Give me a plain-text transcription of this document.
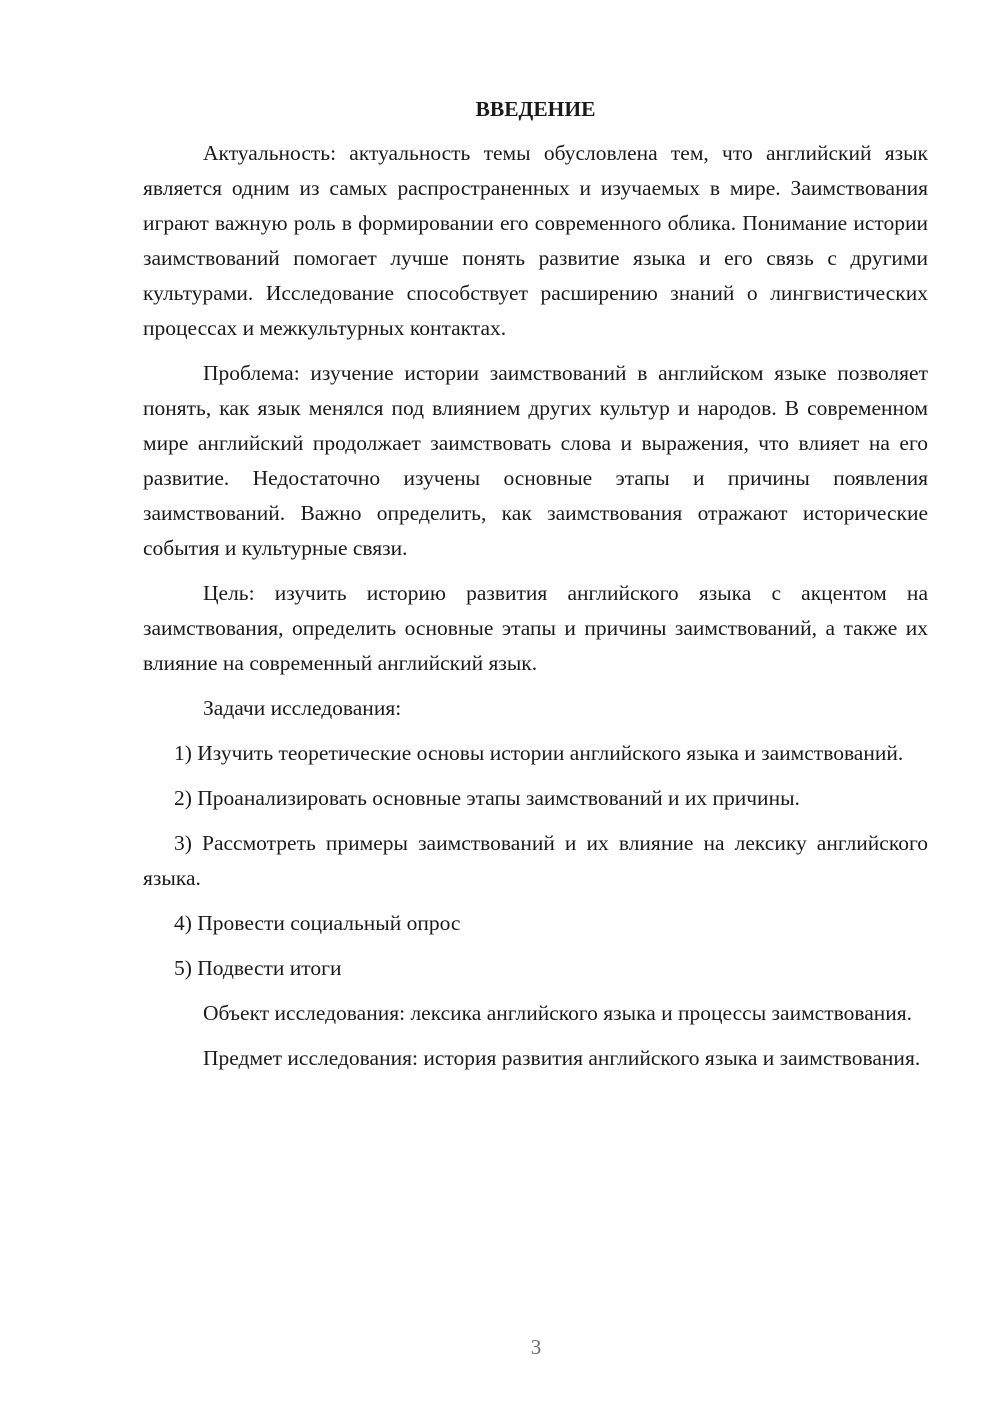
ВВЕДЕНИЕ

Актуальность: актуальность темы обусловлена тем, что английский язык является одним из самых распространенных и изучаемых в мире. Заимствования играют важную роль в формировании его современного облика. Понимание истории заимствований помогает лучше понять развитие языка и его связь с другими культурами. Исследование способствует расширению знаний о лингвистических процессах и межкультурных контактах.

Проблема: изучение истории заимствований в английском языке позволяет понять, как язык менялся под влиянием других культур и народов. В современном мире английский продолжает заимствовать слова и выражения, что влияет на его развитие. Недостаточно изучены основные этапы и причины появления заимствований. Важно определить, как заимствования отражают исторические события и культурные связи.

Цель: изучить историю развития английского языка с акцентом на заимствования, определить основные этапы и причины заимствований, а также их влияние на современный английский язык.

Задачи исследования:

1) Изучить теоретические основы истории английского языка и заимствований.

2) Проанализировать основные этапы заимствований и их причины.

3) Рассмотреть примеры заимствований и их влияние на лексику английского языка.

4) Провести социальный опрос

5) Подвести итоги

Объект исследования: лексика английского языка и процессы заимствования.

Предмет исследования: история развития английского языка и заимствования.

3
